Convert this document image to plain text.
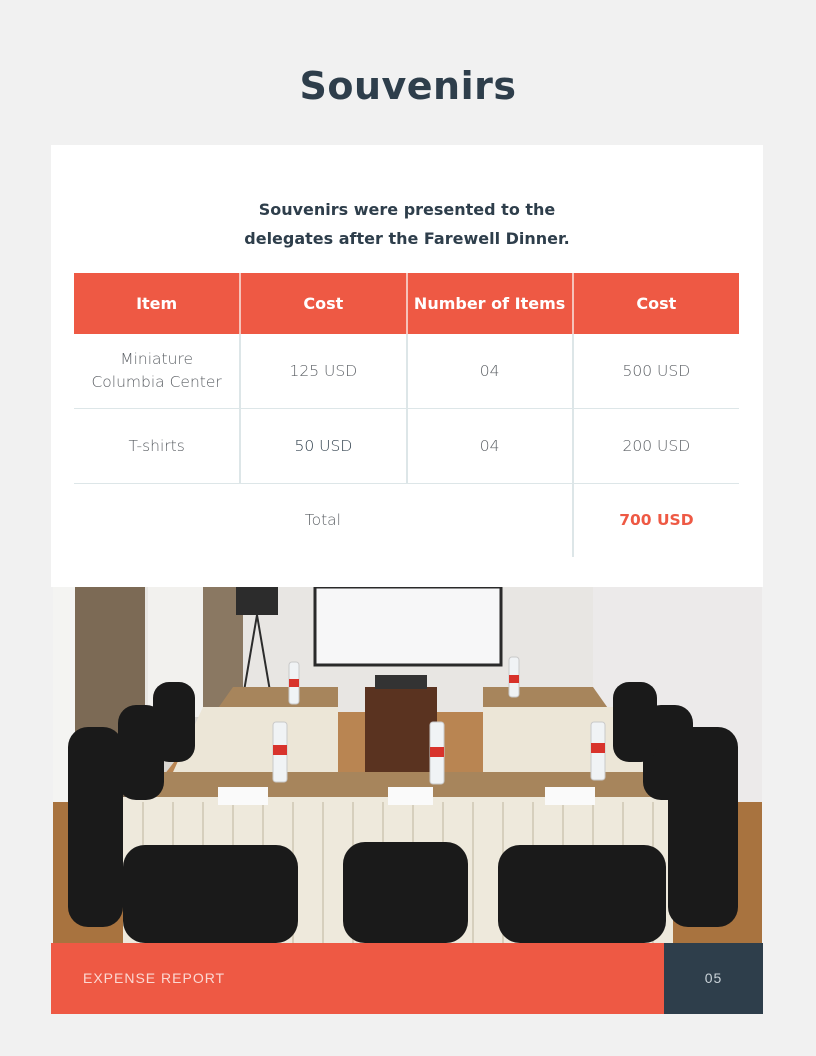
Souvenirs

Souvenirs were presented to the
delegates after the Farewell Dinner.

Item	Cost	Number of Items	Cost
Miniature
Columbia Center	125 USD	04	500 USD
T-shirts	50 USD	04	200 USD
Total			700 USD
EXPENSE REPORT	05
